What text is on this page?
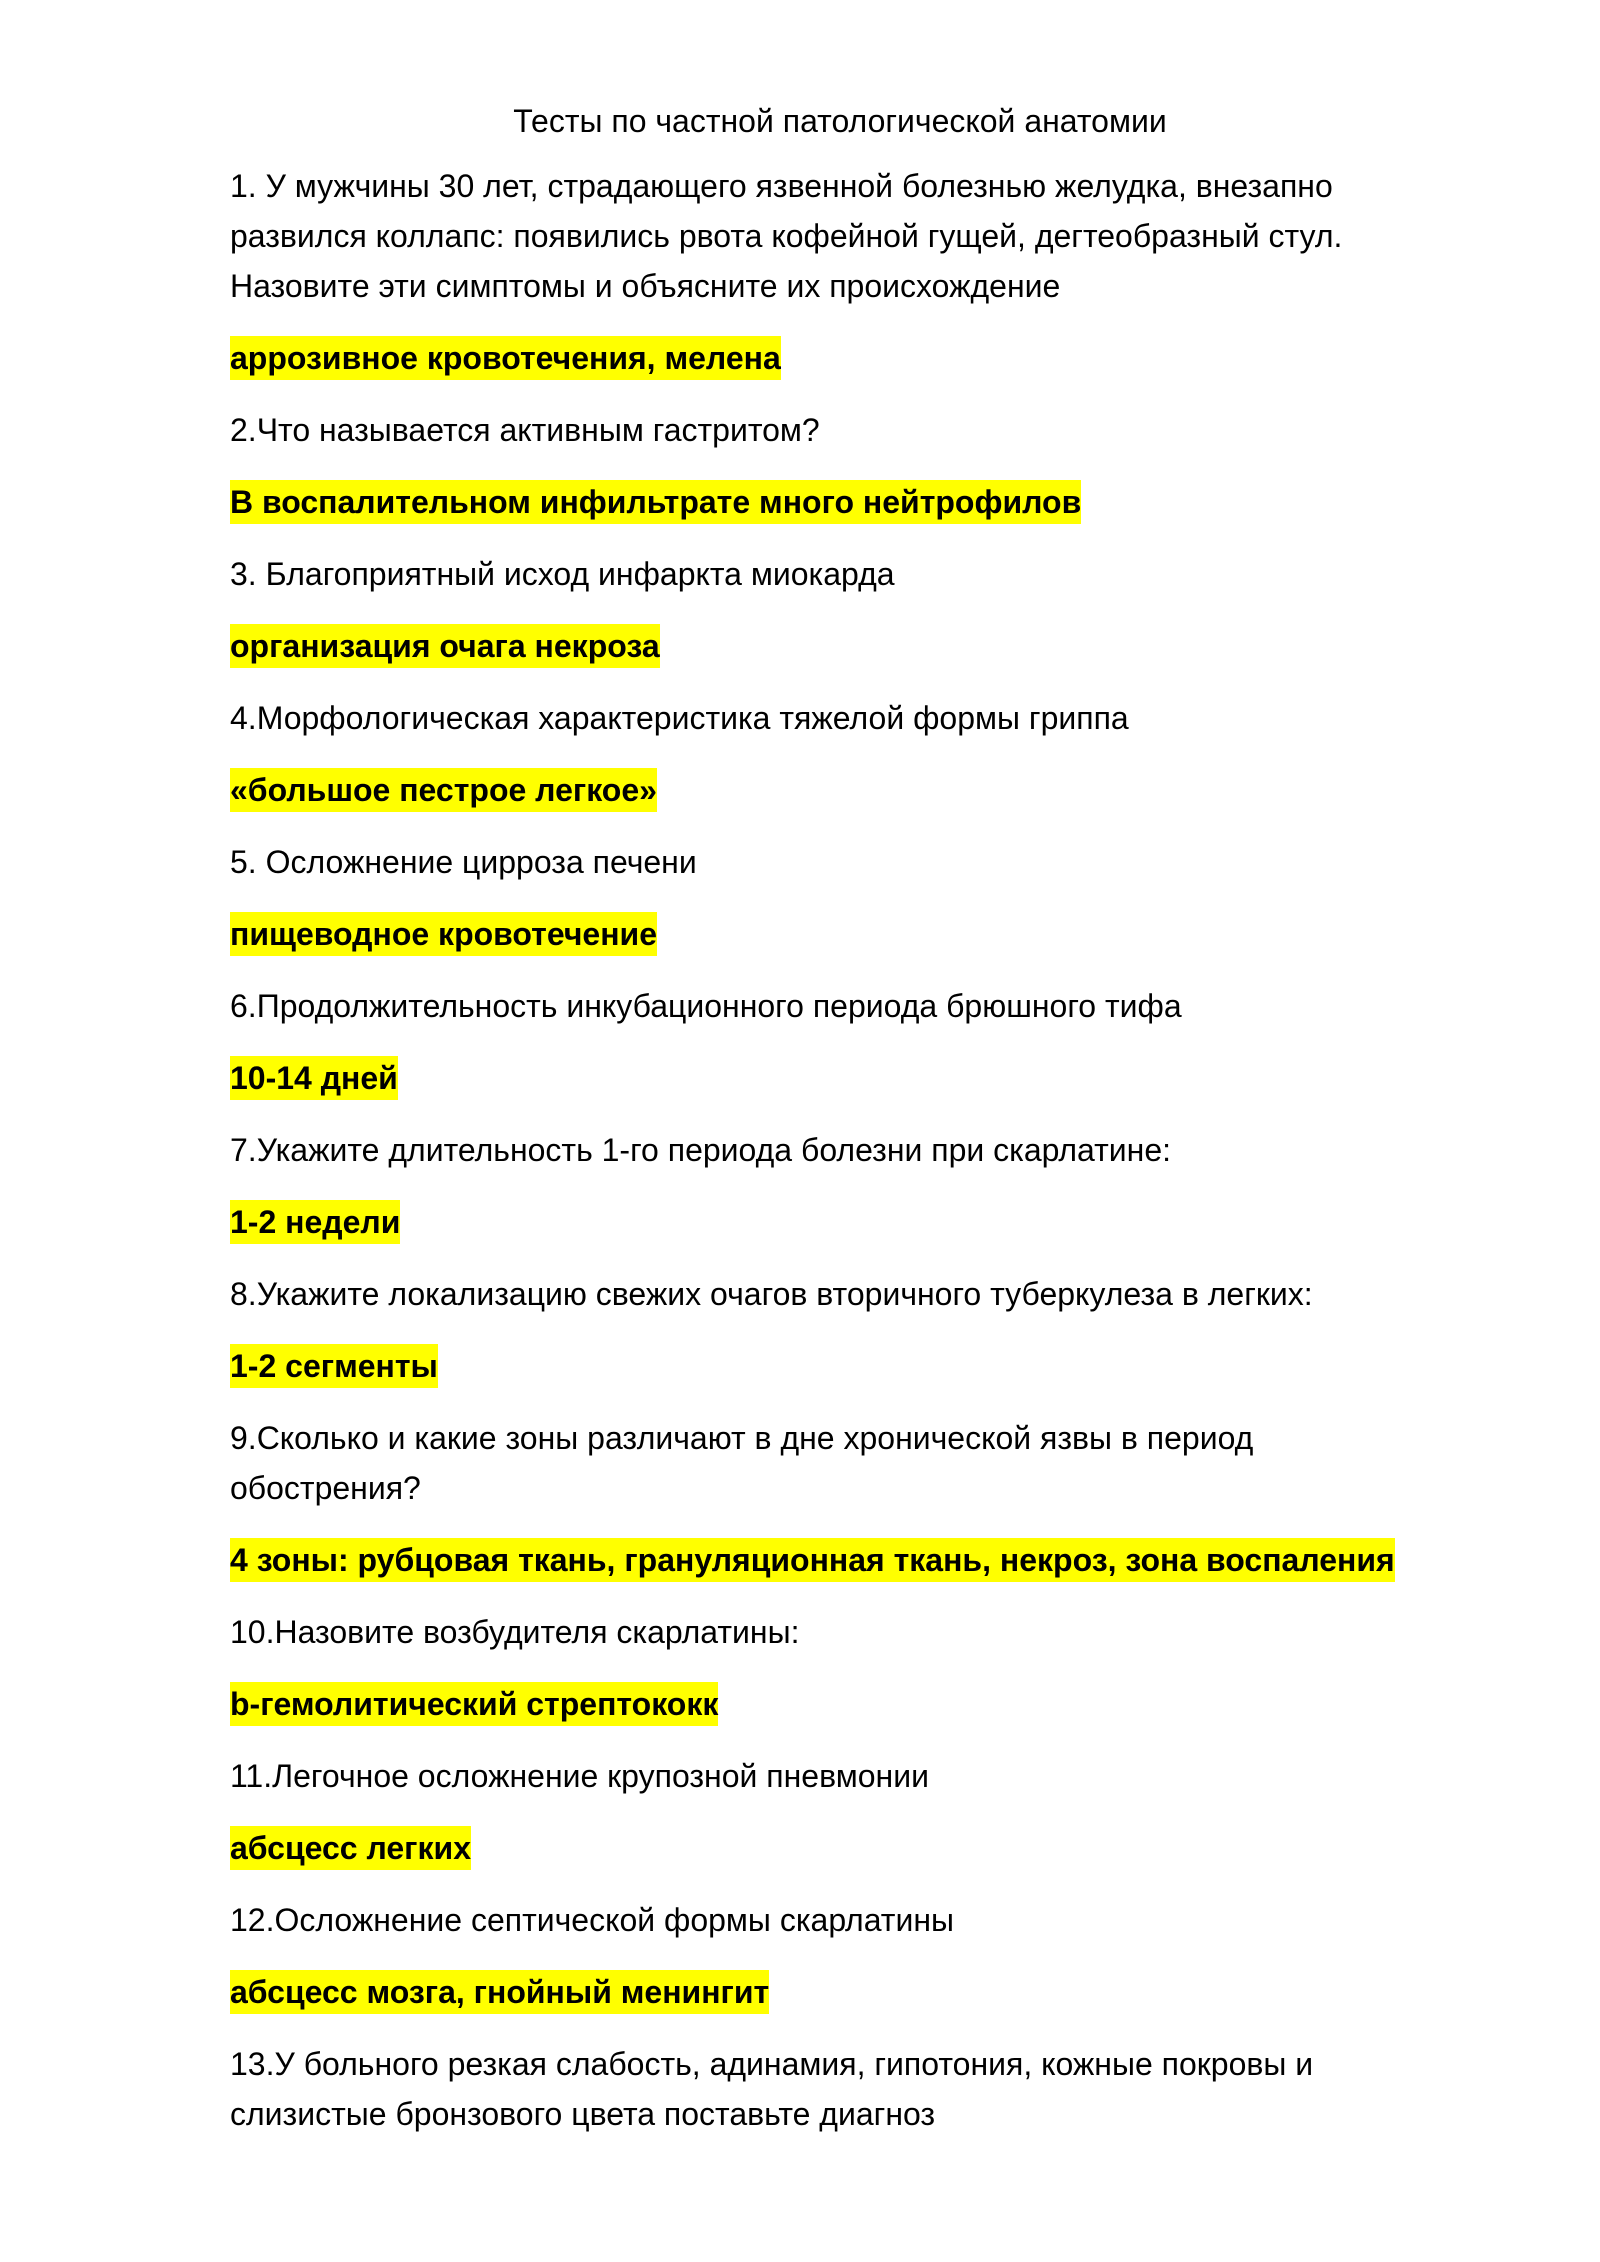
Тесты по частной патологической анатомии
1. У мужчины 30 лет, страдающего язвенной болезнью желудка, внезапно развился коллапс: появились рвота кофейной гущей, дегтеобразный стул. Назовите эти симптомы и объясните их происхождение
аррозивное кровотечения, мелена
2.Что называется активным гастритом?
В воспалительном инфильтрате много нейтрофилов
3. Благоприятный исход инфаркта миокарда
организация очага некроза
4.Морфологическая характеристика тяжелой формы гриппа
«большое пестрое легкое»
5. Осложнение цирроза печени
пищеводное кровотечение
6.Продолжительность инкубационного периода брюшного тифа
10-14 дней
7.Укажите длительность 1-го периода болезни при скарлатине:
1-2 недели
8.Укажите локализацию свежих очагов вторичного туберкулеза в легких:
1-2 сегменты
9.Сколько и какие зоны различают в дне хронической язвы в период обострения?
4 зоны: рубцовая ткань, грануляционная ткань, некроз, зона воспаления
10.Назовите возбудителя скарлатины:
b-гемолитический стрептококк
11.Легочное осложнение крупозной пневмонии
абсцесс легких
12.Осложнение септической формы скарлатины
абсцесс мозга, гнойный менингит
13.У больного резкая слабость, адинамия, гипотония, кожные покровы и слизистые бронзового цвета поставьте диагноз
